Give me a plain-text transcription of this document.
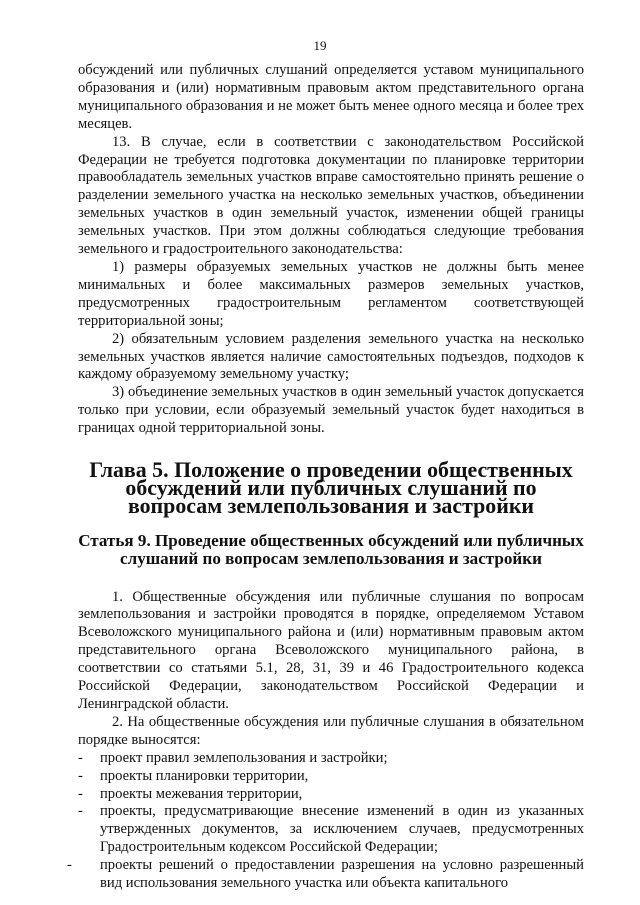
19

обсуждений или публичных слушаний определяется уставом муниципального образования и (или) нормативным правовым актом представительного органа муниципального образования и не может быть менее одного месяца и более трех месяцев.

13. В случае, если в соответствии с законодательством Российской Федерации не требуется подготовка документации по планировке территории правообладатель земельных участков вправе самостоятельно принять решение о разделении земельного участка на несколько земельных участков, объединении земельных участков в один земельный участок, изменении общей границы земельных участков. При этом должны соблюдаться следующие требования земельного и градостроительного законодательства:

1) размеры образуемых земельных участков не должны быть менее минимальных и более максимальных размеров земельных участков, предусмотренных градостроительным регламентом соответствующей территориальной зоны;

2) обязательным условием разделения земельного участка на несколько земельных участков является наличие самостоятельных подъездов, подходов к каждому образуемому земельному участку;

3) объединение земельных участков в один земельный участок допускается только при условии, если образуемый земельный участок будет находиться в границах одной территориальной зоны.

Глава 5. Положение о проведении общественных обсуждений или публичных слушаний по вопросам землепользования и застройки
Статья 9. Проведение общественных обсуждений или публичных слушаний по вопросам землепользования и застройки

1. Общественные обсуждения или публичные слушания по вопросам землепользования и застройки проводятся в порядке, определяемом Уставом Всеволожского муниципального района и (или) нормативным правовым актом представительного органа Всеволожского муниципального района, в соответствии со статьями 5.1, 28, 31, 39 и 46 Градостроительного кодекса Российской Федерации, законодательством Российской Федерации и Ленинградской области.

2. На общественные обсуждения или публичные слушания в обязательном порядке выносятся:

-	проект правил землепользования и застройки;
-	проекты планировки территории,
-	проекты межевания территории,
-	проекты, предусматривающие внесение изменений в один из указанных утвержденных документов, за исключением случаев, предусмотренных Градостроительным кодексом Российской Федерации;
-	проекты решений о предоставлении разрешения на условно разрешенный вид использования земельного участка или объекта капитального
